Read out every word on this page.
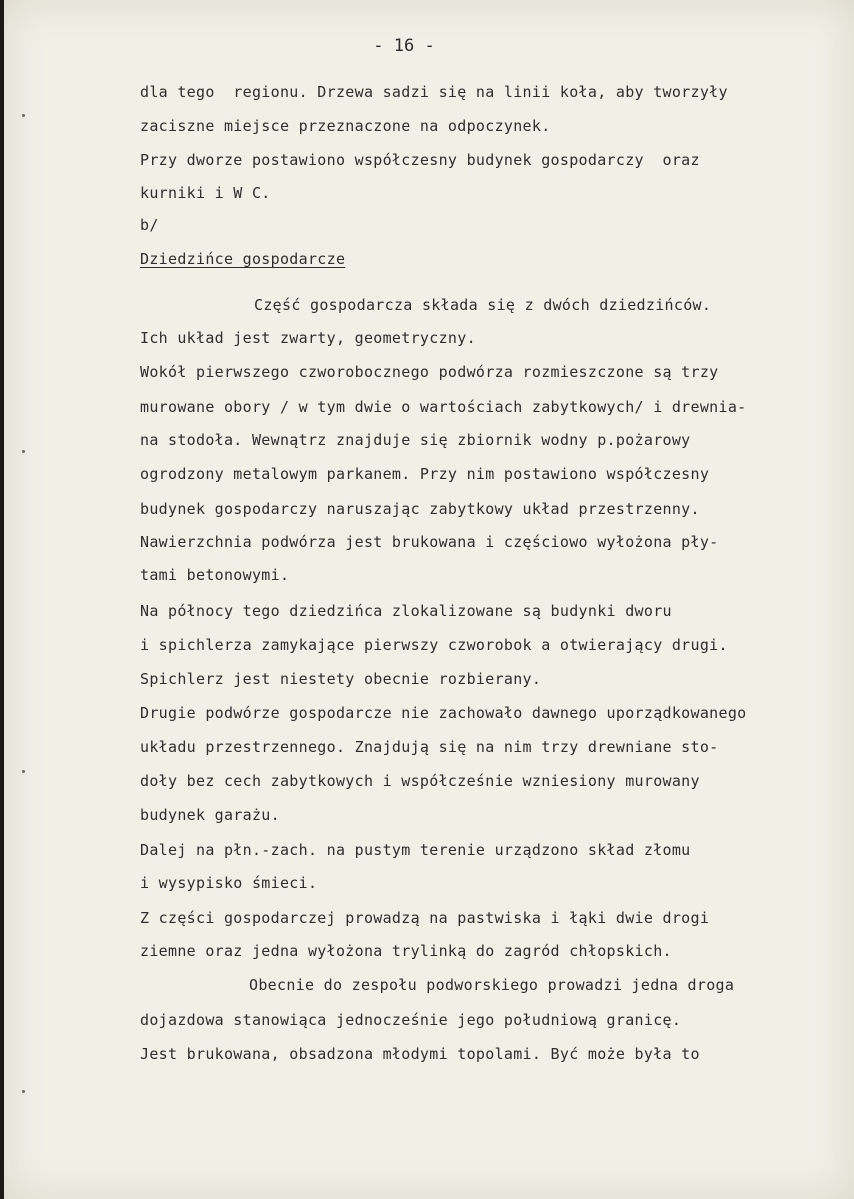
- 16 -
dla tego  regionu. Drzewa sadzi się na linii koła, aby tworzyły
zaciszne miejsce przeznaczone na odpoczynek.
Przy dworze postawiono współczesny budynek gospodarczy  oraz
kurniki i W C.
b/
Dziedzińce gospodarcze
Część gospodarcza składa się z dwóch dziedzińców.
Ich układ jest zwarty, geometryczny.
Wokół pierwszego czworobocznego podwórza rozmieszczone są trzy
murowane obory / w tym dwie o wartościach zabytkowych/ i drewnia-
na stodoła. Wewnątrz znajduje się zbiornik wodny p.pożarowy
ogrodzony metalowym parkanem. Przy nim postawiono współczesny
budynek gospodarczy naruszając zabytkowy układ przestrzenny.
Nawierzchnia podwórza jest brukowana i częściowo wyłożona pły-
tami betonowymi.
Na północy tego dziedzińca zlokalizowane są budynki dworu
i spichlerza zamykające pierwszy czworobok a otwierający drugi.
Spichlerz jest niestety obecnie rozbierany.
Drugie podwórze gospodarcze nie zachowało dawnego uporządkowanego
układu przestrzennego. Znajdują się na nim trzy drewniane sto-
doły bez cech zabytkowych i współcześnie wzniesiony murowany
budynek garażu.
Dalej na płn.-zach. na pustym terenie urządzono skład złomu
i wysypisko śmieci.
Z części gospodarczej prowadzą na pastwiska i łąki dwie drogi
ziemne oraz jedna wyłożona trylinką do zagród chłopskich.
Obecnie do zespołu podworskiego prowadzi jedna droga
dojazdowa stanowiąca jednocześnie jego południową granicę.
Jest brukowana, obsadzona młodymi topolami. Być może była to
